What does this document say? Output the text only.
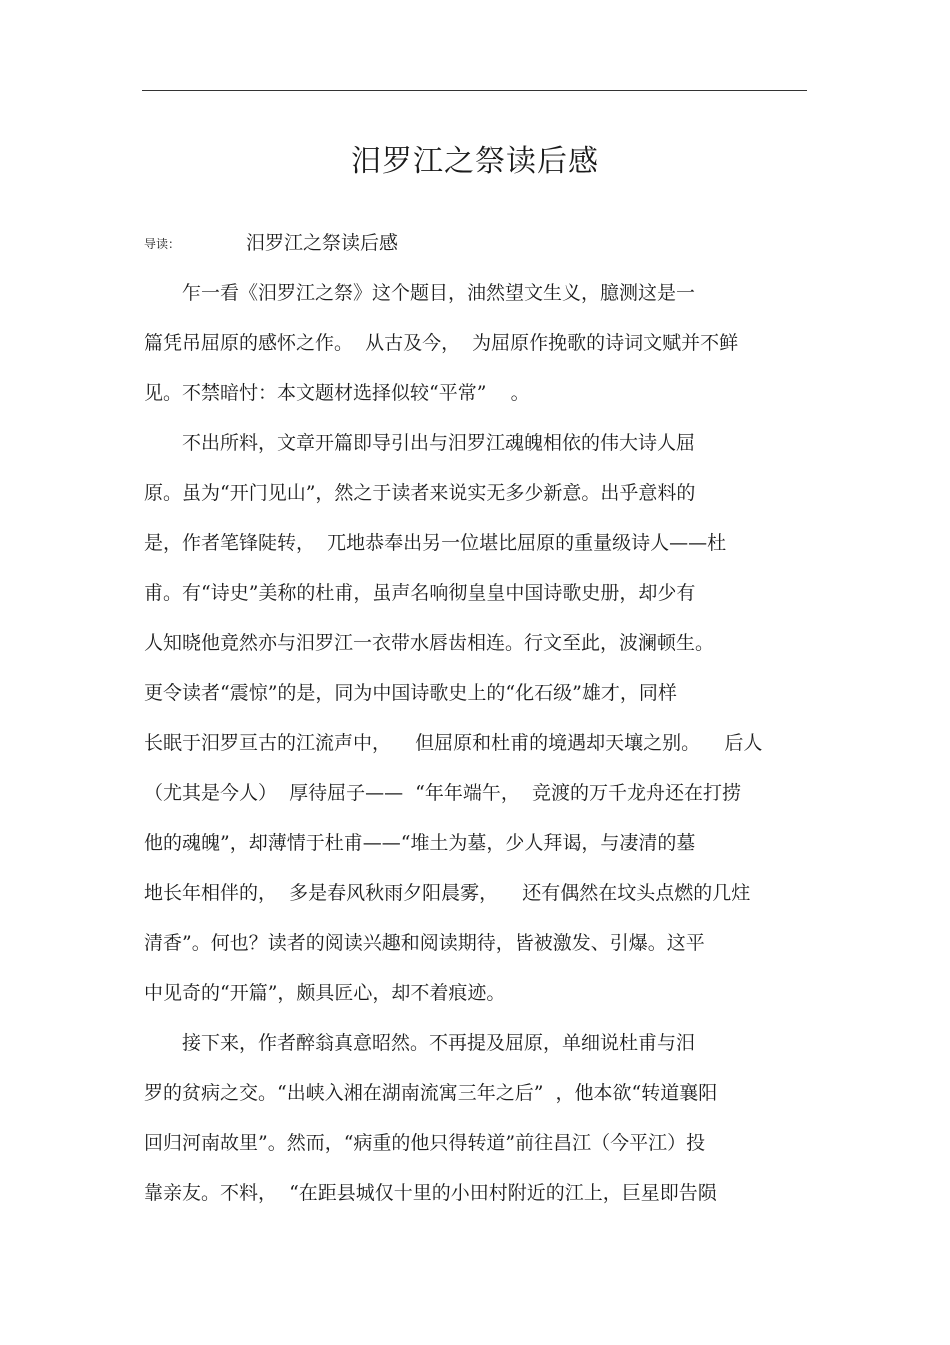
汨罗江之祭读后感
导读：	汨罗江之祭读后感
　　乍一看《汨罗江之祭》这个题目，油然望文生义，臆测这是一
篇凭吊屈原的感怀之作。  从古及今，  为屈原作挽歌的诗词文赋并不鲜
见。不禁暗忖：本文题材选择似较“平常”    。
　　不出所料，文章开篇即导引出与汨罗江魂魄相依的伟大诗人屈
原。虽为“开门见山”，然之于读者来说实无多少新意。出乎意料的
是，作者笔锋陡转，  兀地恭奉出另一位堪比屈原的重量级诗人——杜
甫。有“诗史”美称的杜甫，虽声名响彻皇皇中国诗歌史册，却少有
人知晓他竟然亦与汨罗江一衣带水唇齿相连。行文至此，波澜顿生。
更令读者“震惊”的是，同为中国诗歌史上的“化石级”雄才，同样
长眠于汨罗亘古的江流声中，    但屈原和杜甫的境遇却天壤之别。    后人
（尤其是今人）  厚待屈子——  “年年端午，  竞渡的万千龙舟还在打捞
他的魂魄”，却薄情于杜甫——“堆土为墓，少人拜谒，与凄清的墓
地长年相伴的，  多是春风秋雨夕阳晨雾，    还有偶然在坟头点燃的几炷
清香”。何也？读者的阅读兴趣和阅读期待，皆被激发、引爆。这平
中见奇的“开篇”，颇具匠心，却不着痕迹。
　　接下来，作者醉翁真意昭然。不再提及屈原，单细说杜甫与汨
罗的贫病之交。“出峡入湘在湖南流寓三年之后”  ，他本欲“转道襄阳
回归河南故里”。然而，“病重的他只得转道”前往昌江（今平江）投
靠亲友。不料，  “在距县城仅十里的小田村附近的江上，巨星即告陨
